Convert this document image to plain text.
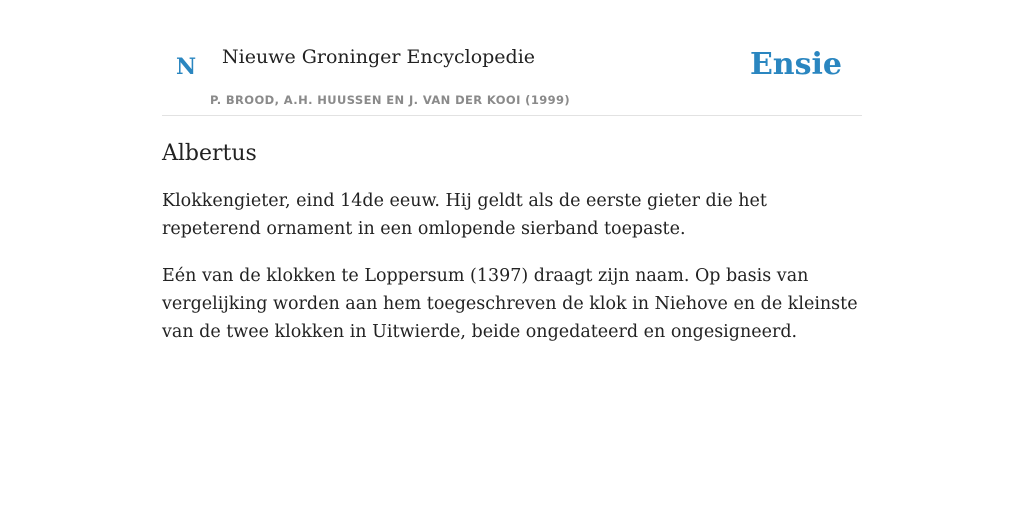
N Nieuwe Groninger Encyclopedie
P. BROOD, A.H. HUUSSEN EN J. VAN DER KOOI (1999)
Ensie
Albertus

Klokkengieter, eind 14de eeuw. Hij geldt als de eerste gieter die het repeterend ornament in een omlopende sierband toepaste.

Eén van de klokken te Loppersum (1397) draagt zijn naam. Op basis van vergelijking worden aan hem toegeschreven de klok in Niehove en de kleinste van de twee klokken in Uitwierde, beide ongedateerd en ongesigneerd.
